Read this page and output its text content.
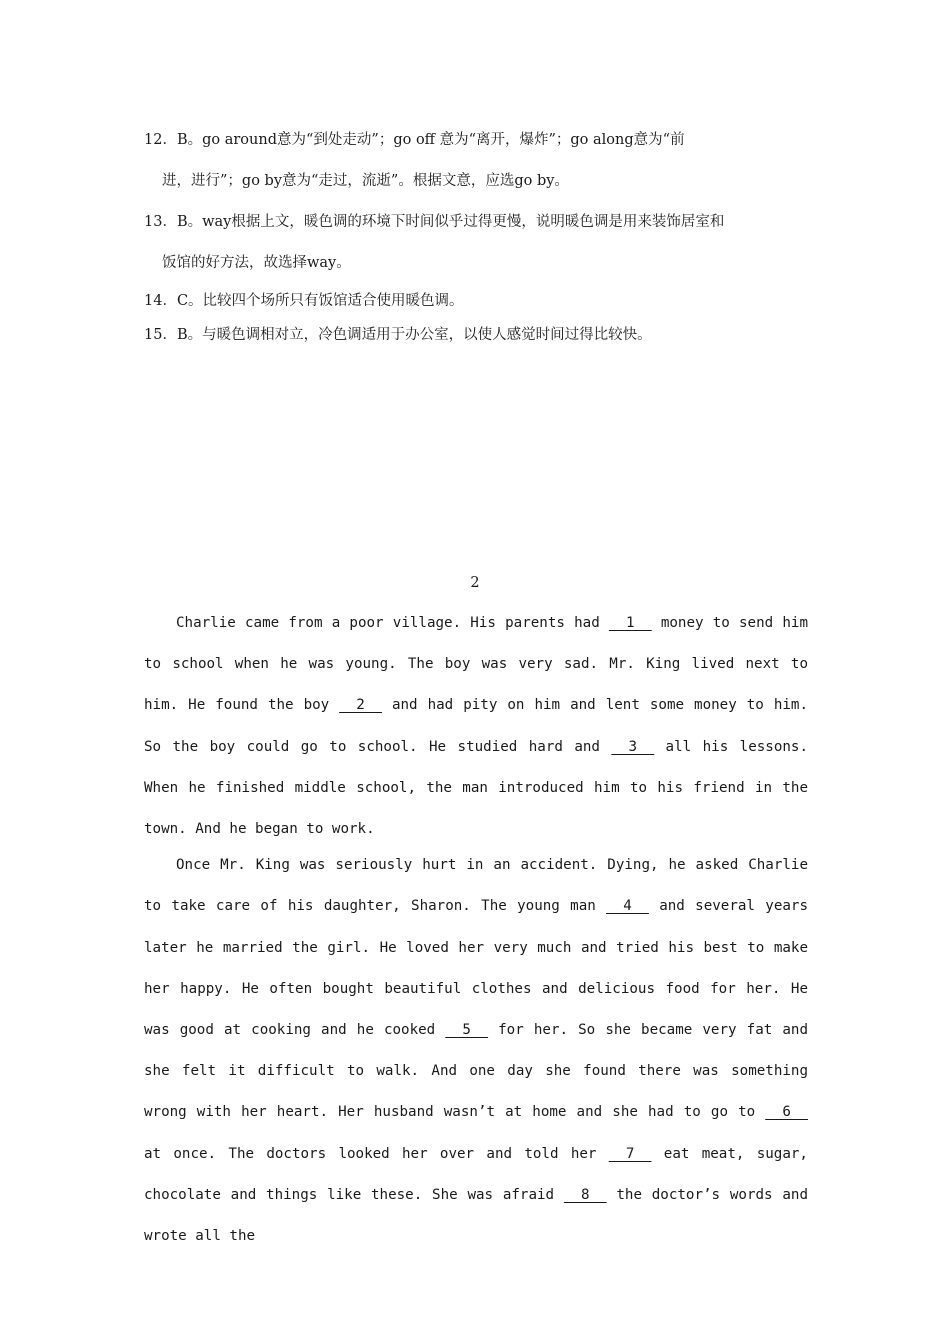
12．B。go around意为“到处走动”；go off 意为“离开，爆炸”；go along意为“前
进，进行”；go by意为“走过，流逝”。根据文意，应选go by。

13．B。way根据上文，暖色调的环境下时间似乎过得更慢，说明暖色调是用来装饰居室和
饭馆的好方法，故选择way。

14．C。比较四个场所只有饭馆适合使用暖色调。

15．B。与暖色调相对立，冷色调适用于办公室，以使人感觉时间过得比较快。

2

Charlie came from a poor village. His parents had __1__ money to send him to school when he was young. The boy was very sad. Mr. King lived next to him. He found the boy __2__ and had pity on him and lent some money to him. So the boy could go to school. He studied hard and __3__ all his lessons. When he finished middle school, the man introduced him to his friend in the town. And he began to work.

Once Mr. King was seriously hurt in an accident. Dying, he asked Charlie to take care of his daughter, Sharon. The young man __4__ and several years later he married the girl. He loved her very much and tried his best to make her happy. He often bought beautiful clothes and delicious food for her. He was good at cooking and he cooked __5__ for her. So she became very fat and she felt it difficult to walk. And one day she found there was something wrong with her heart. Her husband wasn’t at home and she had to go to __6__ at once. The doctors looked her over and told her __7__ eat meat, sugar, chocolate and things like these. She was afraid __8__ the doctor’s words and wrote all the
